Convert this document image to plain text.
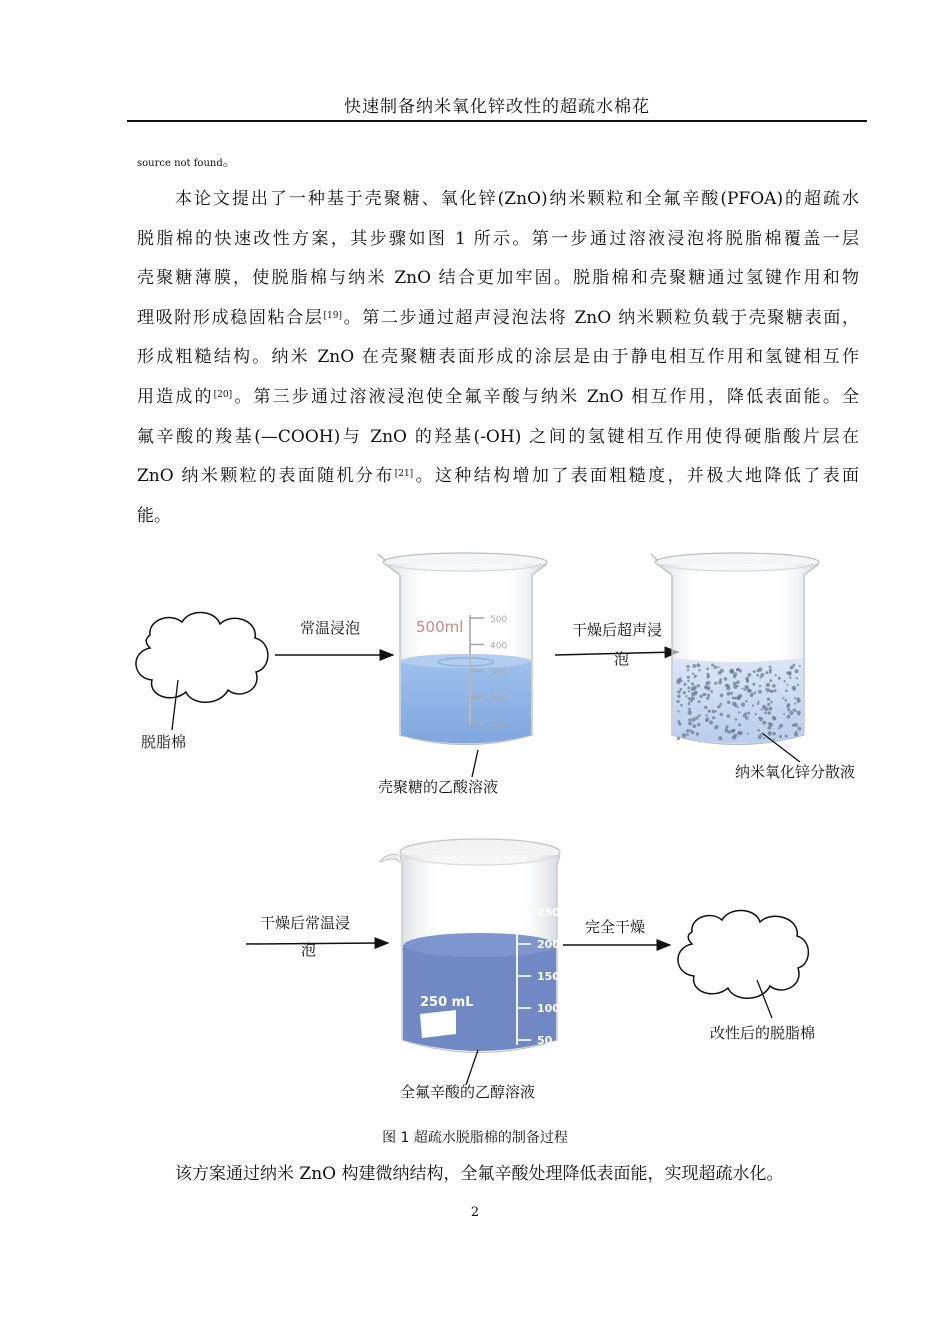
快速制备纳米氧化锌改性的超疏水棉花
source not found。
本论文提出了一种基于壳聚糖、氧化锌(ZnO)纳米颗粒和全氟辛酸(PFOA)的超疏水
脱脂棉的快速改性方案，其步骤如图 1 所示。第一步通过溶液浸泡将脱脂棉覆盖一层
壳聚糖薄膜，使脱脂棉与纳米 ZnO 结合更加牢固。脱脂棉和壳聚糖通过氢键作用和物
理吸附形成稳固粘合层[19]。第二步通过超声浸泡法将 ZnO 纳米颗粒负载于壳聚糖表面，
形成粗糙结构。纳米 ZnO 在壳聚糖表面形成的涂层是由于静电相互作用和氢键相互作
用造成的[20]。第三步通过溶液浸泡使全氟辛酸与纳米 ZnO 相互作用，降低表面能。全
氟辛酸的羧基(—COOH)与 ZnO 的羟基(-OH) 之间的氢键相互作用使得硬脂酸片层在
ZnO 纳米颗粒的表面随机分布[21]。这种结构增加了表面粗糙度，并极大地降低了表面
能。
500ml
250 mL
500
400
300
200
100
250
200
150
100
50
脱脂棉
常温浸泡
壳聚糖的乙酸溶液
干燥后超声浸
泡
纳米氧化锌分散液
干燥后常温浸
泡
全氟辛酸的乙醇溶液
完全干燥
改性后的脱脂棉
图 1 超疏水脱脂棉的制备过程
该方案通过纳米 ZnO 构建微纳结构，全氟辛酸处理降低表面能，实现超疏水化。
2
